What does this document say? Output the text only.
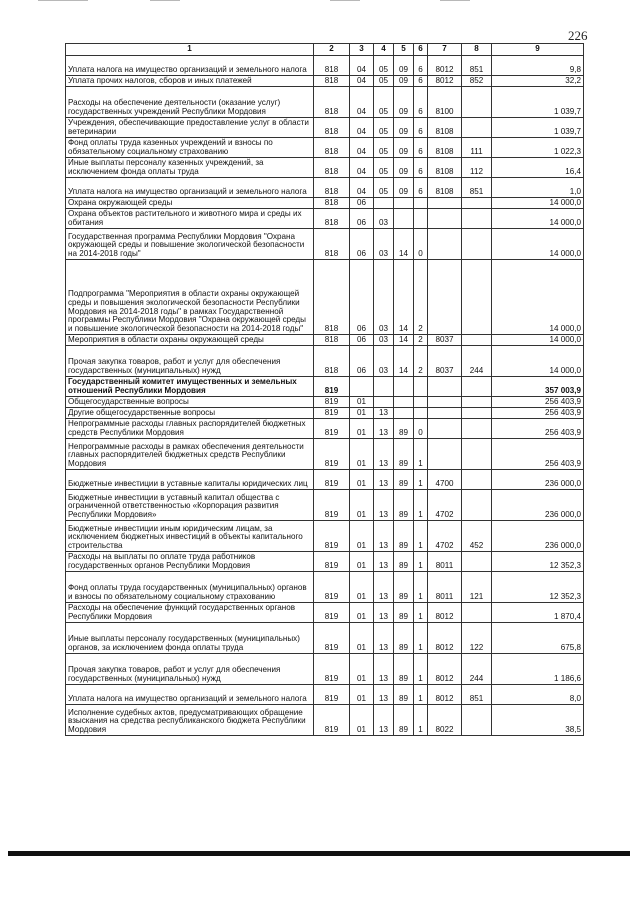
226
1	2	3	4	5	6	7	8	9
Уплата налога на имущество организаций и земельного налога	818	04	05	09	6	8012	851	9,8
Уплата прочих налогов, сборов и иных платежей	818	04	05	09	6	8012	852	32,2
Расходы на обеспечение деятельности (оказание услуг) государственных учреждений Республики Мордовия	818	04	05	09	6	8100		1 039,7
Учреждения, обеспечивающие предоставление услуг в области ветеринарии	818	04	05	09	6	8108		1 039,7
Фонд оплаты труда казенных учреждений и взносы по обязательному социальному страхованию	818	04	05	09	6	8108	111	1 022,3
Иные выплаты персоналу казенных учреждений, за исключением фонда оплаты труда	818	04	05	09	6	8108	112	16,4
Уплата налога на имущество организаций и земельного налога	818	04	05	09	6	8108	851	1,0
Охрана окружающей среды	818	06						14 000,0
Охрана объектов растительного и животного мира и среды их обитания	818	06	03					14 000,0
Государственная программа Республики Мордовия "Охрана окружающей среды и повышение экологической безопасности на 2014-2018 годы"	818	06	03	14	0			14 000,0
Подпрограмма "Мероприятия в области охраны окружающей среды и повышения экологической безопасности Республики Мордовия на 2014-2018 годы" в рамках Государственной программы Республики Мордовия "Охрана окружающей среды и повышение экологической безопасности на 2014-2018 годы"	818	06	03	14	2			14 000,0
Мероприятия в области охраны окружающей среды	818	06	03	14	2	8037		14 000,0
Прочая закупка товаров, работ и услуг для обеспечения государственных (муниципальных) нужд	818	06	03	14	2	8037	244	14 000,0
Государственный комитет имущественных и земельных отношений Республики Мордовия	819							357 003,9
Общегосударственные вопросы	819	01						256 403,9
Другие общегосударственные вопросы	819	01	13					256 403,9
Непрограммные расходы главных распорядителей бюджетных средств Республики Мордовия	819	01	13	89	0			256 403,9
Непрограммные расходы в рамках обеспечения деятельности главных распорядителей бюджетных средств Республики Мордовия	819	01	13	89	1			256 403,9
Бюджетные инвестиции в уставные капиталы юридических лиц	819	01	13	89	1	4700		236 000,0
Бюджетные инвестиции в уставный капитал общества с ограниченной ответственностью «Корпорация развития Республики Мордовия»	819	01	13	89	1	4702		236 000,0
Бюджетные инвестиции иным юридическим лицам, за исключением бюджетных инвестиций в объекты капитального строительства	819	01	13	89	1	4702	452	236 000,0
Расходы на выплаты по оплате труда работников государственных органов Республики Мордовия	819	01	13	89	1	8011		12 352,3
Фонд оплаты труда государственных (муниципальных) органов и взносы по обязательному социальному страхованию	819	01	13	89	1	8011	121	12 352,3
Расходы на обеспечение функций государственных органов Республики Мордовия	819	01	13	89	1	8012		1 870,4
Иные выплаты персоналу государственных (муниципальных) органов, за исключением фонда оплаты труда	819	01	13	89	1	8012	122	675,8
Прочая закупка товаров, работ и услуг для обеспечения государственных (муниципальных) нужд	819	01	13	89	1	8012	244	1 186,6
Уплата налога на имущество организаций и земельного налога	819	01	13	89	1	8012	851	8,0
Исполнение судебных актов, предусматривающих обращение взыскания на средства республиканского бюджета Республики Мордовия	819	01	13	89	1	8022		38,5
